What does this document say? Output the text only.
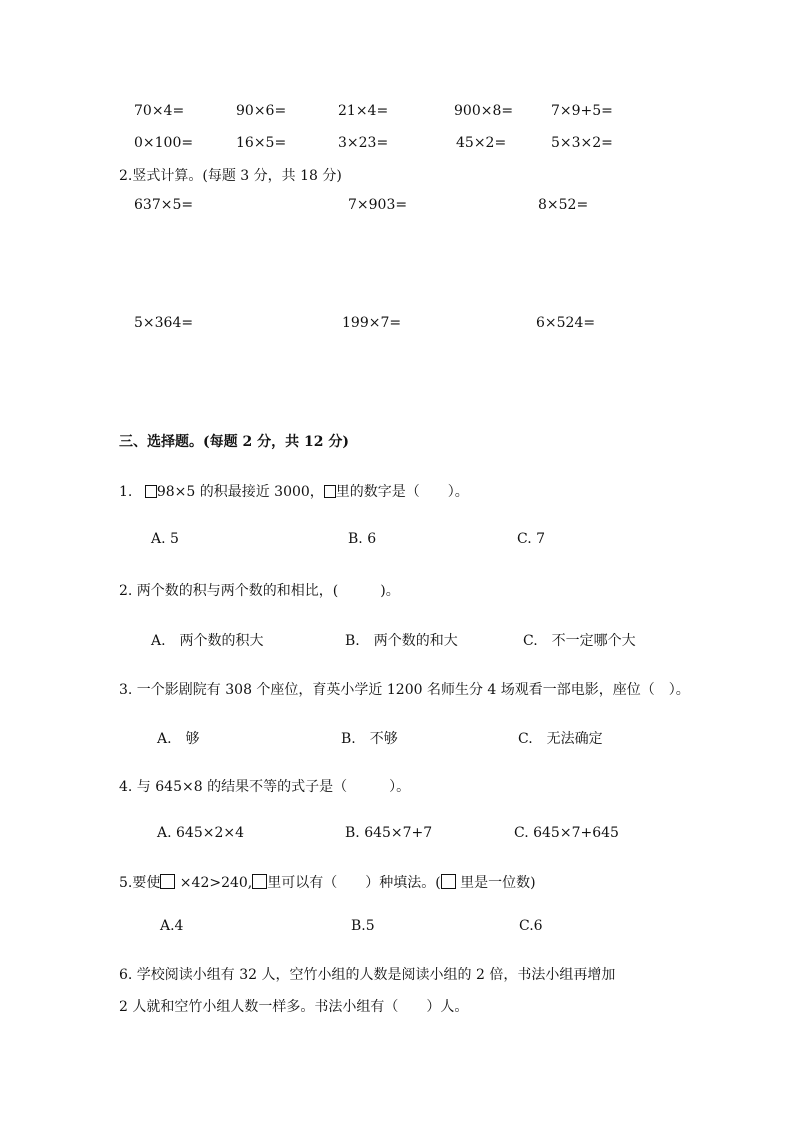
70×4=	90×6=	21×4=	900×8=	7×9+5=
0×100=	16×5=	3×23=	45×2=	5×3×2=
2.竖式计算。(每题 3 分，共 18 分)
637×5=	7×903=	8×52=
5×364=	199×7=	6×524=
三、选择题。(每题 2 分，共 12 分)
1. 98×5 的积最接近 3000， 里的数字是（　　）。
A. 5	B. 6	C. 7
2. 两个数的积与两个数的和相比，(　　　)。
A.　两个数的积大	B.　两个数的和大	C.　不一定哪个大
3. 一个影剧院有 308 个座位，育英小学近 1200 名师生分 4 场观看一部电影，座位（　）。
A.　够	B.　不够	C.　无法确定
4. 与 645×8 的结果不等的式子是（　　　）。
A. 645×2×4	B. 645×7+7	C. 645×7+645
5.要使 ×42>240, 里可以有（　　）种填法。( 里是一位数)
A.4	B.5	C.6
6. 学校阅读小组有 32 人，空竹小组的人数是阅读小组的 2 倍，书法小组再增加
2 人就和空竹小组人数一样多。书法小组有（　　）人。
